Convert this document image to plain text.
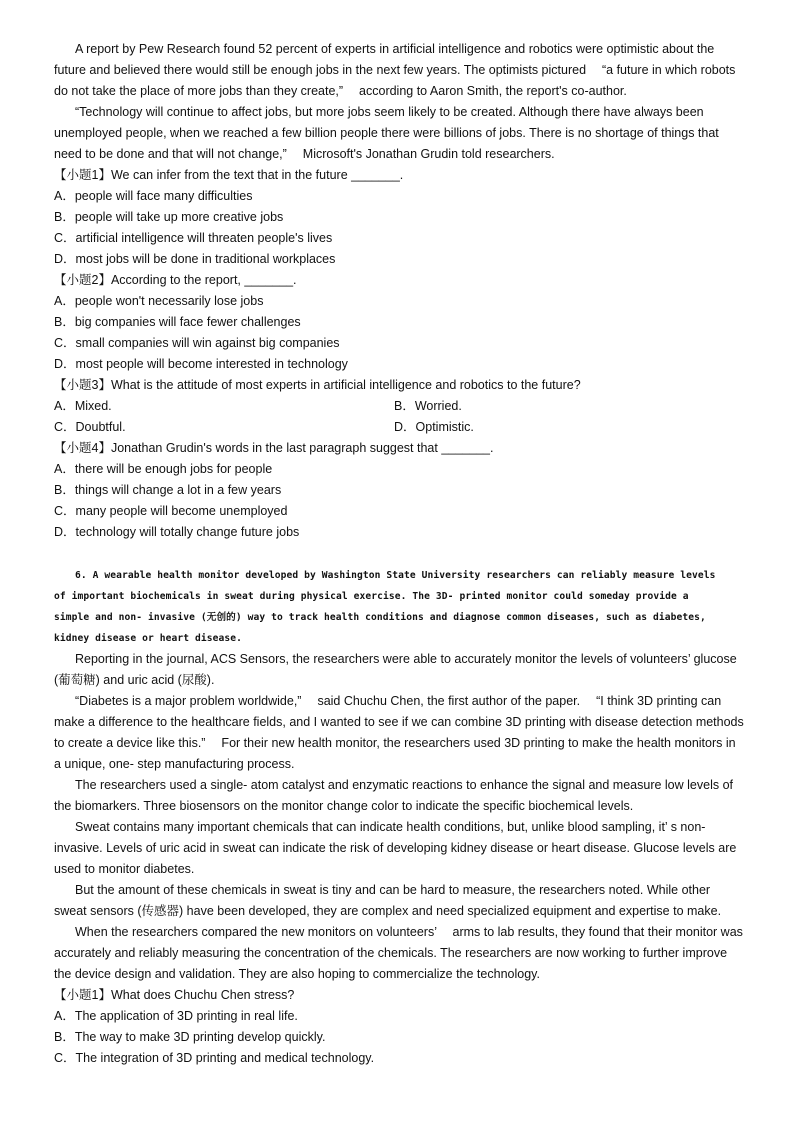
A report by Pew Research found 52 percent of experts in artificial intelligence and robotics were optimistic about the future and believed there would still be enough jobs in the next few years. The optimists pictured 　“a future in which robots do not take the place of more jobs than they create,” 　according to Aaron Smith, the report's co-author.

“Technology will continue to affect jobs, but more jobs seem likely to be created. Although there have always been unemployed people, when we reached a few billion people there were billions of jobs. There is no shortage of things that need to be done and that will not change,” 　Microsoft's Jonathan Grudin told researchers.

【小题1】We can infer from the text that in the future _______.

A．people will face many difficulties

B．people will take up more creative jobs

C．artificial intelligence will threaten people's lives

D．most jobs will be done in traditional workplaces

【小题2】According to the report, _______.

A．people won't necessarily lose jobs

B．big companies will face fewer challenges

C．small companies will win against big companies

D．most people will become interested in technology

【小题3】What is the attitude of most experts in artificial intelligence and robotics to the future?

A．Mixed.	B．Worried.

C．Doubtful.	D．Optimistic.

【小题4】Jonathan Grudin's words in the last paragraph suggest that _______.

A．there will be enough jobs for people

B．things will change a lot in a few years

C．many people will become unemployed

D．technology will totally change future jobs

6. A wearable health monitor developed by Washington State University researchers can reliably measure levels

of important biochemicals in sweat during physical exercise. The 3D- printed monitor could someday provide a

simple and non- invasive (无创的) way to track health conditions and diagnose common diseases, such as diabetes,

kidney disease or heart disease.

Reporting in the journal, ACS Sensors, the researchers were able to accurately monitor the levels of volunteers’ glucose (葡萄糖) and uric acid (尿酸).

“Diabetes is a major problem worldwide,” 　said Chuchu Chen, the first author of the paper. 　“I think 3D printing can make a difference to the healthcare fields, and I wanted to see if we can combine 3D printing with disease detection methods to create a device like this.” 　For their new health monitor, the researchers used 3D printing to make the health monitors in a unique, one- step manufacturing process.

The researchers used a single- atom catalyst and enzymatic reactions to enhance the signal and measure low levels of the biomarkers. Three biosensors on the monitor change color to indicate the specific biochemical levels.

Sweat contains many important chemicals that can indicate health conditions, but, unlike blood sampling, it’ s non-invasive. Levels of uric acid in sweat can indicate the risk of developing kidney disease or heart disease. Glucose levels are used to monitor diabetes.

But the amount of these chemicals in sweat is tiny and can be hard to measure, the researchers noted. While other sweat sensors (传感器) have been developed, they are complex and need specialized equipment and expertise to make.

When the researchers compared the new monitors on volunteers’ 　arms to lab results, they found that their monitor was accurately and reliably measuring the concentration of the chemicals. The researchers are now working to further improve the device design and validation. They are also hoping to commercialize the technology.

【小题1】What does Chuchu Chen stress?

A．The application of 3D printing in real life.

B．The way to make 3D printing develop quickly.

C．The integration of 3D printing and medical technology.
